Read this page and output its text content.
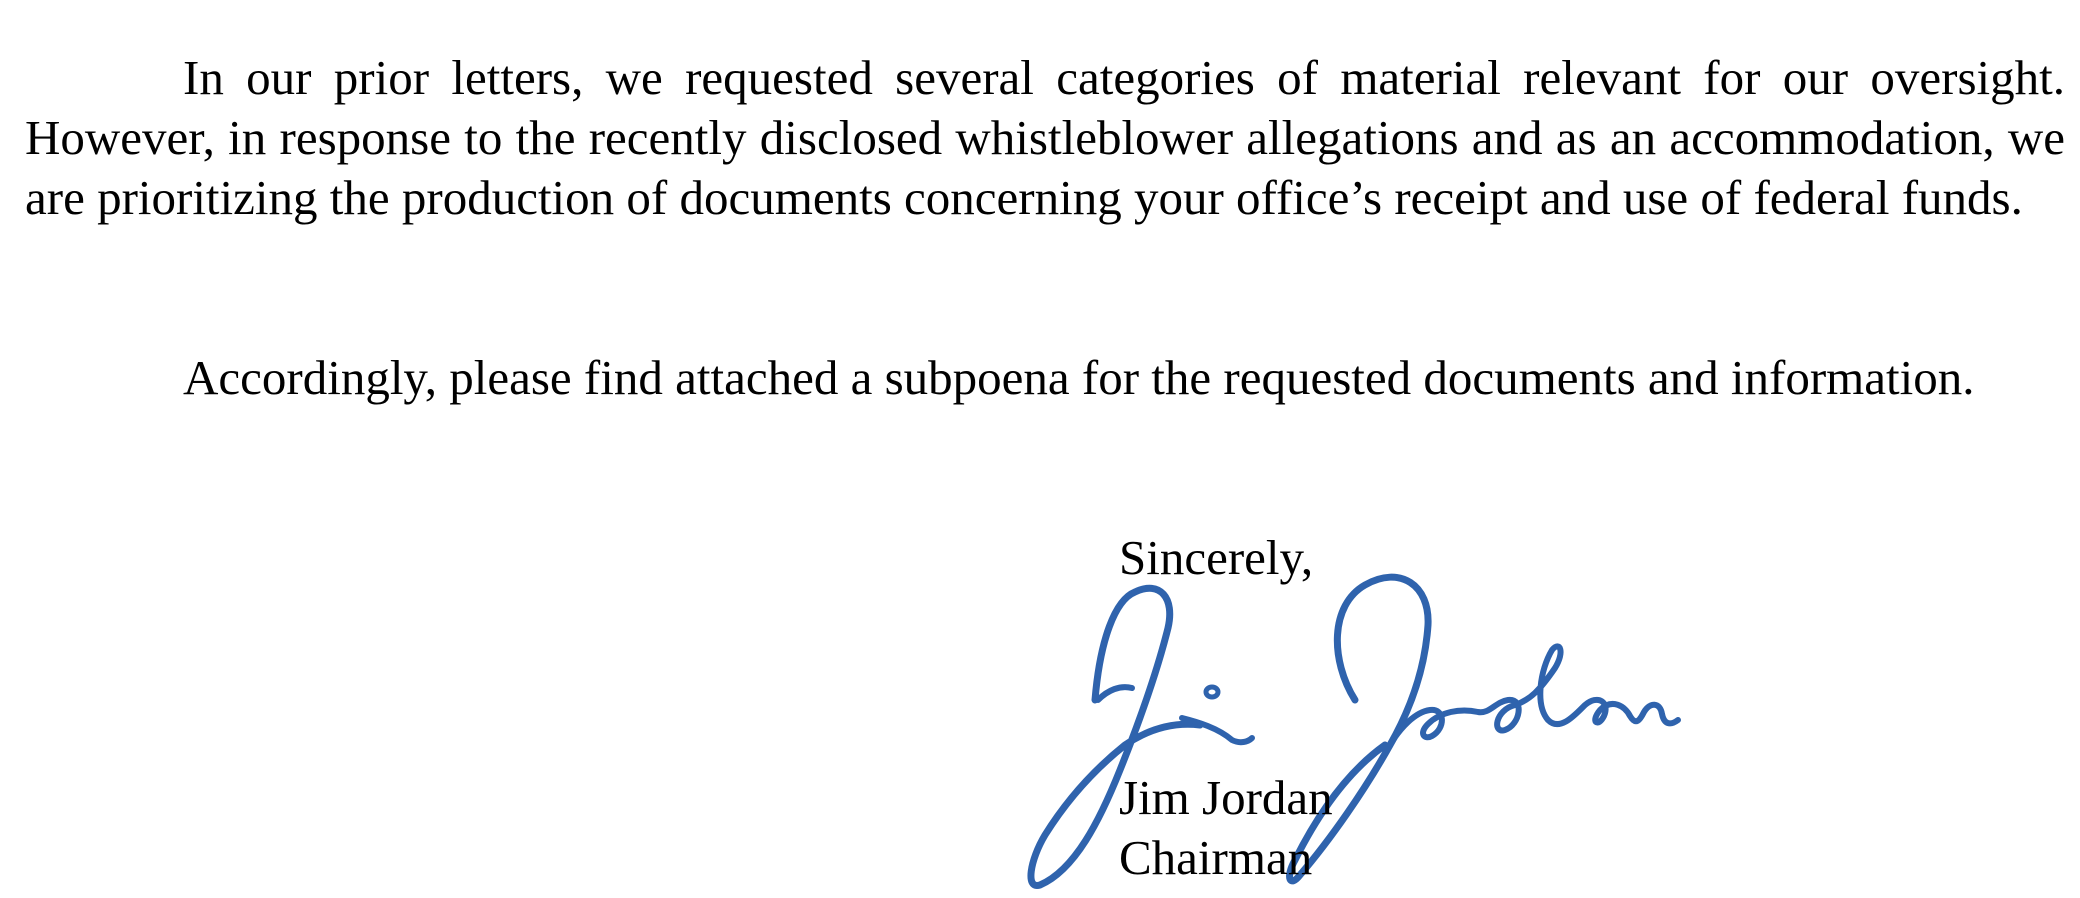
In our prior letters, we requested several categories of material relevant for our oversight. However, in response to the recently disclosed whistleblower allegations and as an accommodation, we are prioritizing the production of documents concerning your office’s receipt and use of federal funds.

Accordingly, please find attached a subpoena for the requested documents and information.

Sincerely,
Jim Jordan
Chairman
